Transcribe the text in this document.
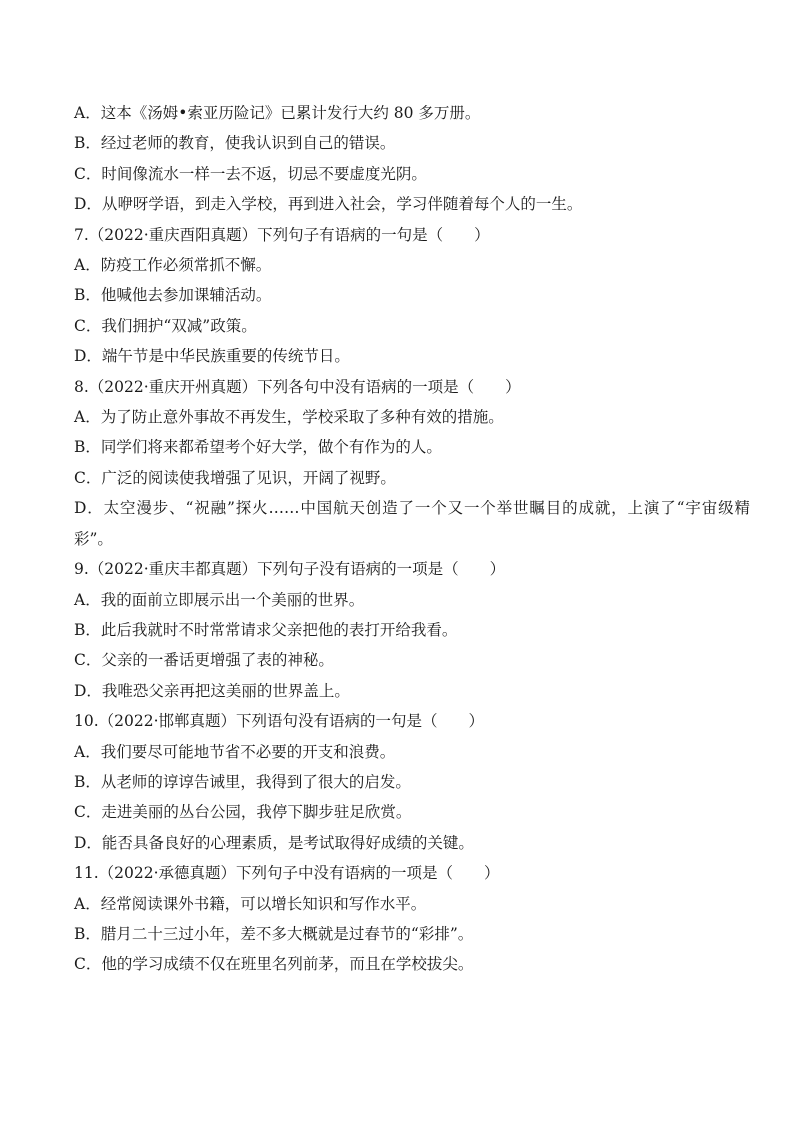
A．这本《汤姆•索亚历险记》已累计发行大约 80 多万册。

B．经过老师的教育，使我认识到自己的错误。

C．时间像流水一样一去不返，切忌不要虚度光阴。

D．从咿呀学语，到走入学校，再到进入社会，学习伴随着每个人的一生。

7.（2022·重庆酉阳真题）下列句子有语病的一句是（　　）

A．防疫工作必须常抓不懈。

B．他喊他去参加课辅活动。

C．我们拥护“双减”政策。

D．端午节是中华民族重要的传统节日。

8.（2022·重庆开州真题）下列各句中没有语病的一项是（　　）

A．为了防止意外事故不再发生，学校采取了多种有效的措施。

B．同学们将来都希望考个好大学，做个有作为的人。

C．广泛的阅读使我增强了见识，开阔了视野。

D．太空漫步、“祝融”探火……中国航天创造了一个又一个举世瞩目的成就，上演了“宇宙级精彩”。

9.（2022·重庆丰都真题）下列句子没有语病的一项是（　　）

A．我的面前立即展示出一个美丽的世界。

B．此后我就时不时常常请求父亲把他的表打开给我看。

C．父亲的一番话更增强了表的神秘。

D．我唯恐父亲再把这美丽的世界盖上。

10.（2022·邯郸真题）下列语句没有语病的一句是（　　）

A．我们要尽可能地节省不必要的开支和浪费。

B．从老师的谆谆告诫里，我得到了很大的启发。

C．走进美丽的丛台公园，我停下脚步驻足欣赏。

D．能否具备良好的心理素质，是考试取得好成绩的关键。

11.（2022·承德真题）下列句子中没有语病的一项是（　　）

A．经常阅读课外书籍，可以增长知识和写作水平。

B．腊月二十三过小年，差不多大概就是过春节的“彩排”。

C．他的学习成绩不仅在班里名列前茅，而且在学校拔尖。
